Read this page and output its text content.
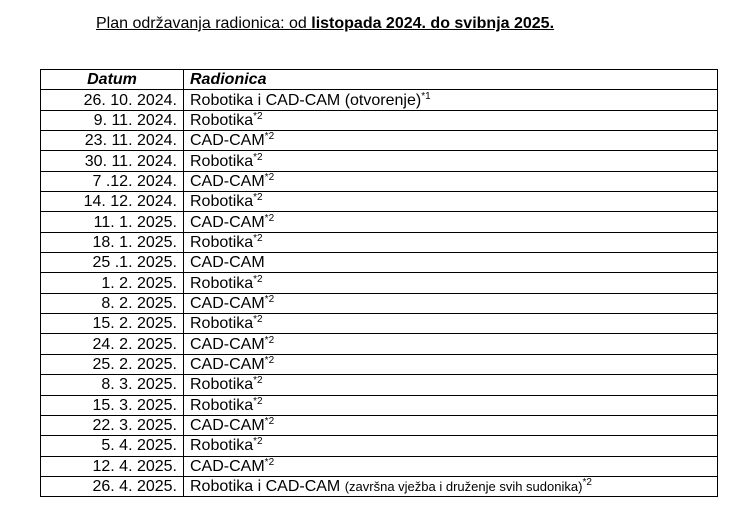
Plan održavanja radionica: od listopada 2024. do svibnja 2025.
Datum	Radionica
26. 10. 2024.	Robotika i CAD-CAM (otvorenje)$^{*1}$
9. 11. 2024.	Robotika$^{*2}$
23. 11. 2024.	CAD-CAM$^{*2}$
30. 11. 2024.	Robotika$^{*2}$
7 .12. 2024.	CAD-CAM$^{*2}$
14. 12. 2024.	Robotika$^{*2}$
11. 1. 2025.	CAD-CAM$^{*2}$
18. 1. 2025.	Robotika$^{*2}$
25 .1. 2025.	CAD-CAM
1. 2. 2025.	Robotika$^{*2}$
8. 2. 2025.	CAD-CAM$^{*2}$
15. 2. 2025.	Robotika$^{*2}$
24. 2. 2025.	CAD-CAM$^{*2}$
25. 2. 2025.	CAD-CAM$^{*2}$
8. 3. 2025.	Robotika$^{*2}$
15. 3. 2025.	Robotika$^{*2}$
22. 3. 2025.	CAD-CAM$^{*2}$
5. 4. 2025.	Robotika$^{*2}$
12. 4. 2025.	CAD-CAM$^{*2}$
26. 4. 2025.	Robotika i CAD-CAM (završna vježba i druženje svih sudonika)$^{*2}$
